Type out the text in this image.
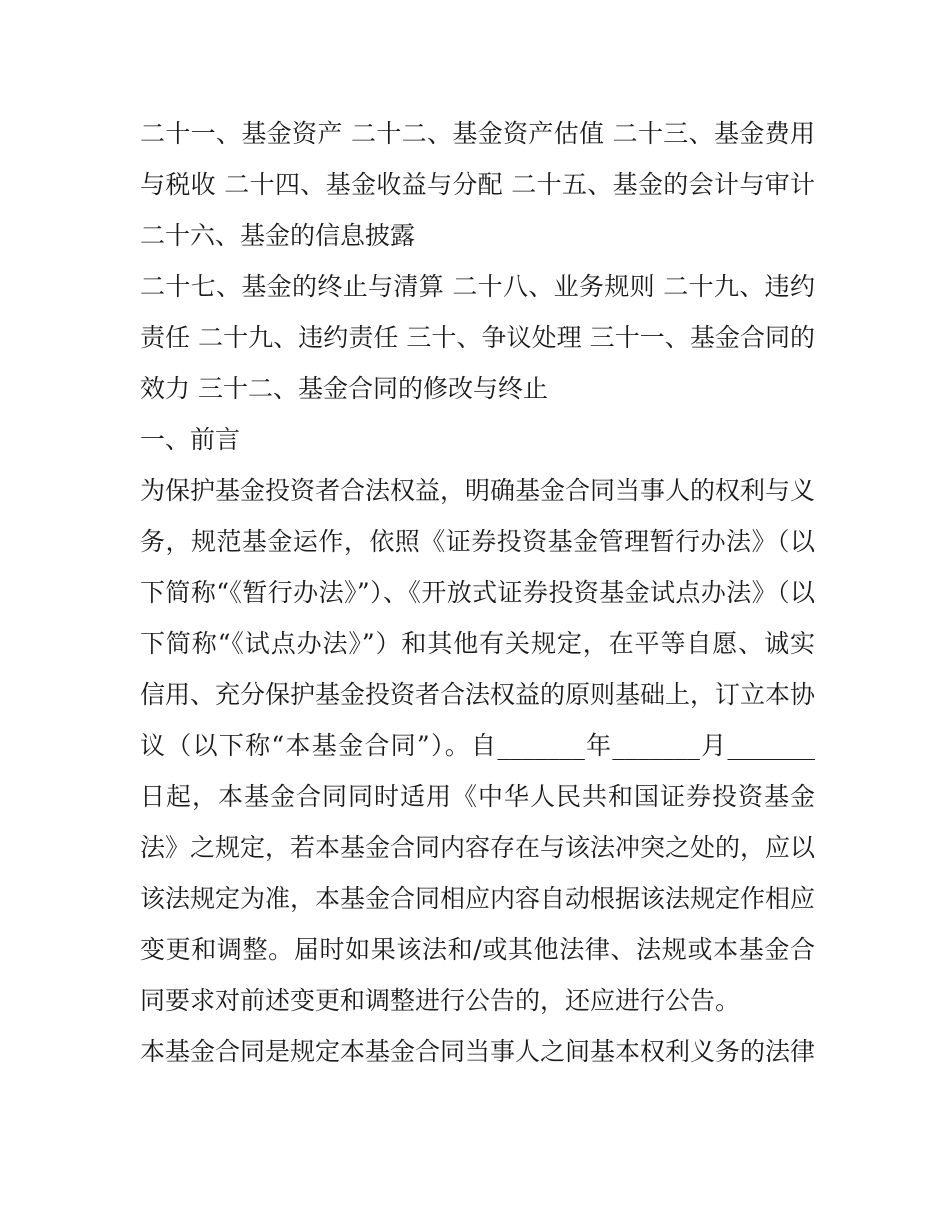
二十一、基金资产 二十二、基金资产估值 二十三、基金费用与税收 二十四、基金收益与分配 二十五、基金的会计与审计 二十六、基金的信息披露

二十七、基金的终止与清算 二十八、业务规则 二十九、违约责任 二十九、违约责任 三十、争议处理 三十一、基金合同的效力 三十二、基金合同的修改与终止

一、前言

为保护基金投资者合法权益，明确基金合同当事人的权利与义务，规范基金运作，依照《证券投资基金管理暂行办法》（以下简称“《暂行办法》”）、《开放式证券投资基金试点办法》（以下简称“《试点办法》”）和其他有关规定，在平等自愿、诚实信用、充分保护基金投资者合法权益的原则基础上，订立本协议（以下称“本基金合同”）。自_______年_______月_______日起，本基金合同同时适用《中华人民共和国证券投资基金法》之规定，若本基金合同内容存在与该法冲突之处的，应以该法规定为准，本基金合同相应内容自动根据该法规定作相应变更和调整。届时如果该法和/或其他法律、法规或本基金合同要求对前述变更和调整进行公告的，还应进行公告。

本基金合同是规定本基金合同当事人之间基本权利义务的法律
